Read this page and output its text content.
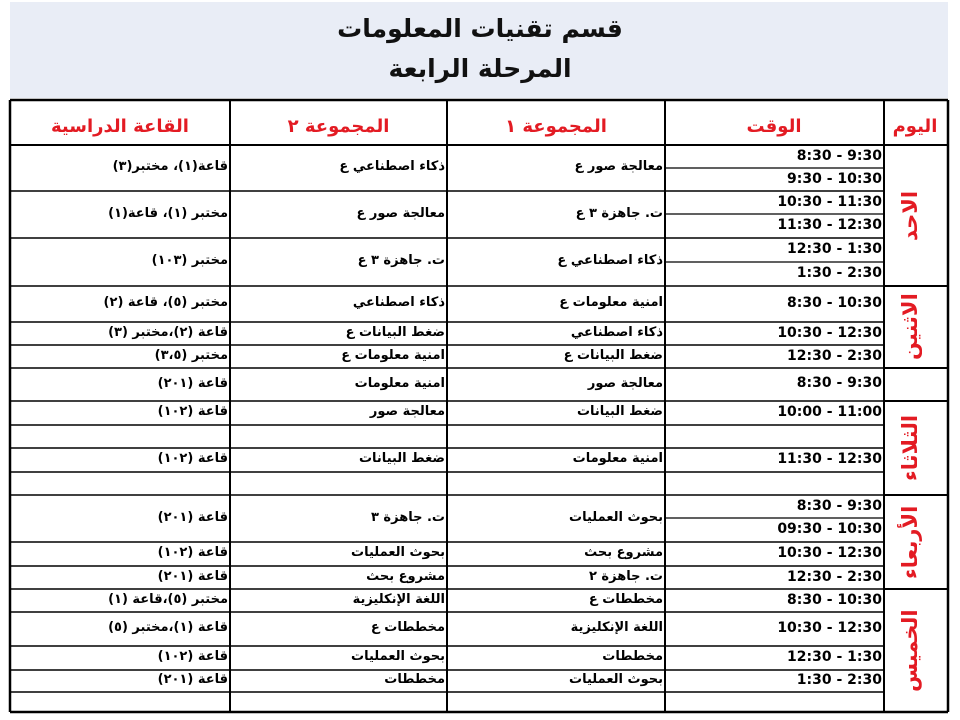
قسم تقنيات المعلومات
المرحلة الرابعة
اليوم
الوقت
المجموعة ١
المجموعة ٢
القاعة الدراسية
الاحد
الاثنين
الثلاثاء
الأربعاء
الخميس
8:30 - 9:30
9:30 - 10:30
10:30 - 11:30
11:30 - 12:30
12:30 - 1:30
1:30 - 2:30
8:30 - 10:30
10:30 - 12:30
12:30 - 2:30
8:30 - 9:30
10:00 - 11:00
11:30 - 12:30
8:30 - 9:30
09:30 - 10:30
10:30 - 12:30
12:30 - 2:30
8:30 - 10:30
10:30 - 12:30
12:30 - 1:30
1:30 - 2:30
معالجة صور ع
ذكاء اصطناعي ع
قاعة(١)، مختبر(٣)
ت. جاهزة ٣ ع
معالجة صور ع
مختبر (١)، قاعة(١)
ذكاء اصطناعي ع
ت. جاهزة ٣ ع
مختبر (١٠٣)
امنية معلومات ع
ذكاء اصطناعي
مختبر (٥)، قاعة (٢)
ذكاء اصطناعي
ضغط البيانات ع
قاعة (٢)،مختبر (٣)
ضغط البيانات ع
امنية معلومات ع
مختبر (٣،٥)
معالجة صور
امنية معلومات
قاعة (٢٠١)
ضغط البيانات
معالجة صور
قاعة (١٠٢)
امنية معلومات
ضغط البيانات
قاعة (١٠٢)
بحوث العمليات
ت. جاهزة ٣
قاعة (٢٠١)
مشروع بحث
بحوث العمليات
قاعة (١٠٢)
ت. جاهزة ٢
مشروع بحث
قاعة (٢٠١)
مخططات ع
اللغة الإنكليزية
مختبر (٥)،قاعة (١)
اللغة الإنكليزية
مخططات ع
قاعة (١)،مختبر (٥)
مخططات
بحوث العمليات
قاعة (١٠٢)
بحوث العمليات
مخططات
قاعة (٢٠١)
